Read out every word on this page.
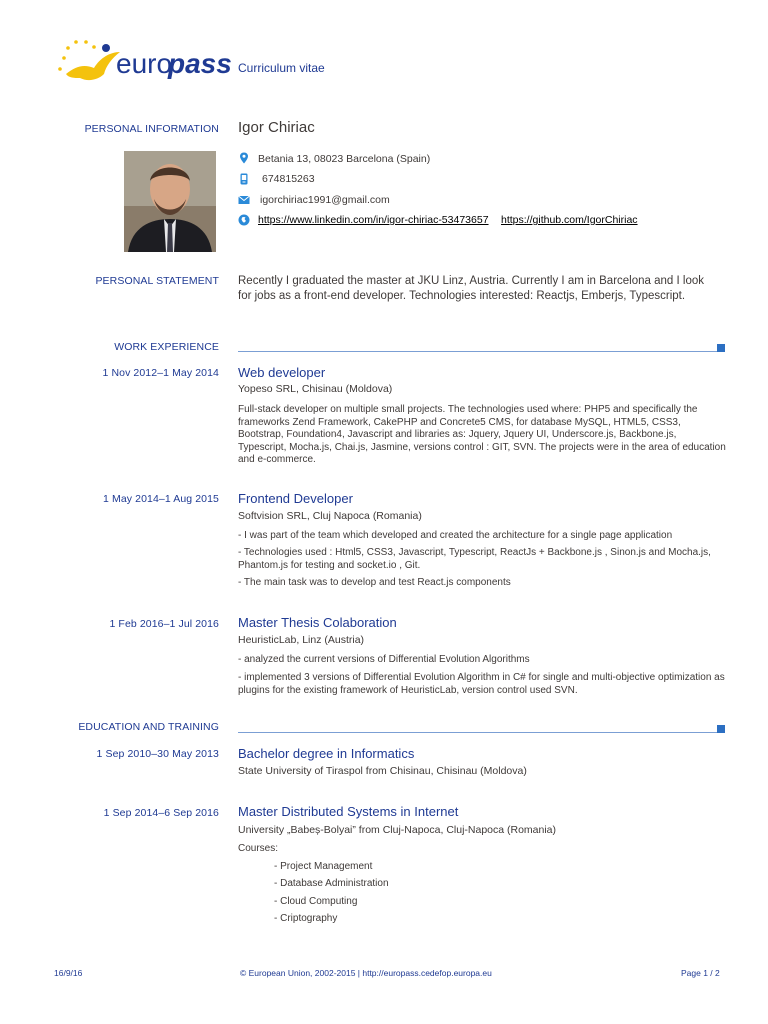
euro
pass Curriculum vitae
PERSONAL INFORMATION Igor Chiriac
Betania 13, 08023 Barcelona (Spain)
674815263
igorchiriac1991@gmail.com
https://www.linkedin.com/in/igor-chiriac-53473657 https://github.com/IgorChiriac
PERSONAL STATEMENT Recently I graduated the master at JKU Linz, Austria. Currently I am in Barcelona and I look for jobs as a front-end developer. Technologies interested: Reactjs, Emberjs, Typescript.
WORK EXPERIENCE
1 Nov 2012–1 May 2014 Web developer
Yopeso SRL, Chisinau (Moldova)
Full-stack developer on multiple small projects. The technologies used where: PHP5 and specifically the frameworks Zend Framework, CakePHP and Concrete5 CMS, for database MySQL, HTML5, CSS3, Bootstrap, Foundation4, Javascript and libraries as: Jquery, Jquery UI, Underscore.js, Backbone.js, Typescript, Mocha.js, Chai.js, Jasmine, versions control : GIT, SVN. The projects were in the area of education and e-commerce.
1 May 2014–1 Aug 2015 Frontend Developer
Softvision SRL, Cluj Napoca (Romania)
- I was part of the team which developed and created the architecture for a single page application
- Technologies used : Html5, CSS3, Javascript, Typescript, ReactJs + Backbone.js , Sinon.js and Mocha.js, Phantom.js for testing and socket.io , Git.
- The main task was to develop and test React.js components
1 Feb 2016–1 Jul 2016 Master Thesis Colaboration
HeuristicLab, Linz (Austria)
- analyzed the current versions of Differential Evolution Algorithms
- implemented 3 versions of Differential Evolution Algorithm in C# for single and multi-objective optimization as plugins for the existing framework of HeuristicLab, version control used SVN.
EDUCATION AND TRAINING
1 Sep 2010–30 May 2013 Bachelor degree in Informatics
State University of Tiraspol from Chisinau, Chisinau (Moldova)
1 Sep 2014–6 Sep 2016 Master Distributed Systems in Internet
University „Babeș-Bolyai” from Cluj-Napoca, Cluj-Napoca (Romania)
Courses:
- Project Management
- Database Administration
- Cloud Computing
- Criptography
16/9/16	© European Union, 2002-2015 | http://europass.cedefop.europa.eu	Page 1 / 2
